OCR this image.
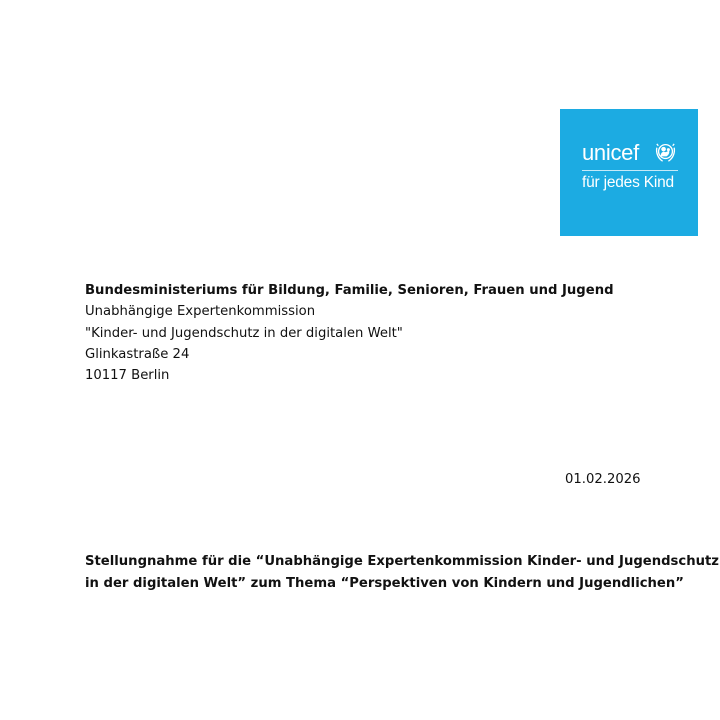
unicef
für jedes Kind
Bundesministeriums für Bildung, Familie, Senioren, Frauen und Jugend
Unabhängige Expertenkommission
"Kinder- und Jugendschutz in der digitalen Welt"
Glinkastraße 24
10117 Berlin
01.02.2026
Stellungnahme für die “Unabhängige Expertenkommission Kinder- und Jugendschutz
in der digitalen Welt” zum Thema “Perspektiven von Kindern und Jugendlichen”
